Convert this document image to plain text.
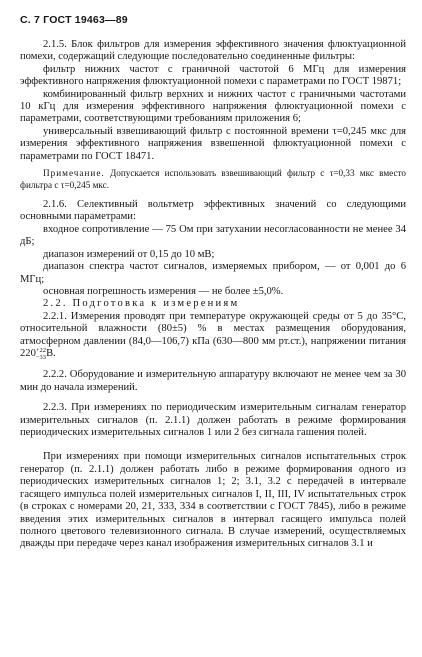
С. 7 ГОСТ 19463—89

2.1.5. Блок фильтров для измерения эффективного значения флюктуационной помехи, содержащий следующие последовательно соединенные фильтры:

фильтр нижних частот с граничной частотой 6 МГц для измерения эффективного напряжения флюктуационной помехи с параметрами по ГОСТ 19871;

комбинированный фильтр верхних и нижних частот с граничными частотами 10 кГц для измерения эффективного напряжения флюктуационной помехи с параметрами, соответствующими требованиям приложения 6;

универсальный взвешивающий фильтр с постоянной времени τ=0,245 мкс для измерения эффективного напряжения взвешенной флюктуационной помехи с параметрами по ГОСТ 18471.

Примечание. Допускается использовать взвешивающий фильтр с τ=0,33 мкс вместо фильтра с τ=0,245 мкс.

2.1.6. Селективный вольтметр эффективных значений со следующими основными параметрами:

входное сопротивление — 75 Ом при затухании несогласованности не менее 34 дБ;

диапазон измерений от 0,15 до 10 мВ;

диапазон спектра частот сигналов, измеряемых прибором, — от 0,001 до 6 МГц;

основная погрешность измерения — не более ±5,0%.

2.2. Подготовка к измерениям

2.2.1. Измерения проводят при температуре окружающей среды от 5 до 35°C, относительной влажности (80±5) % в местах размещения оборудования, атмосферном давлении (84,0—106,7) кПа (630—800 мм рт.ст.), напряжении питания 220 +22
−33 В.

2.2.2. Оборудование и измерительную аппаратуру включают не менее чем за 30 мин до начала измерений.

2.2.3. При измерениях по периодическим измерительным сигналам генератор измерительных сигналов (п. 2.1.1) должен работать в режиме формирования периодических измерительных сигналов 1 или 2 без сигнала гашения полей.

При измерениях при помощи измерительных сигналов испытательных строк генератор (п. 2.1.1) должен работать либо в режиме формирования одного из периодических измерительных сигналов 1; 2; 3.1, 3.2 с передачей в интервале гасящего импульса полей измерительных сигналов I, II, III, IV испытательных строк (в строках с номерами 20, 21, 333, 334 в соответствии с ГОСТ 7845), либо в режиме введения этих измерительных сигналов в интервал гасящего импульса полей полного цветового телевизионного сигнала. В случае измерений, осуществляемых дважды при передаче через канал изображения измерительных сигналов 3.1 и
